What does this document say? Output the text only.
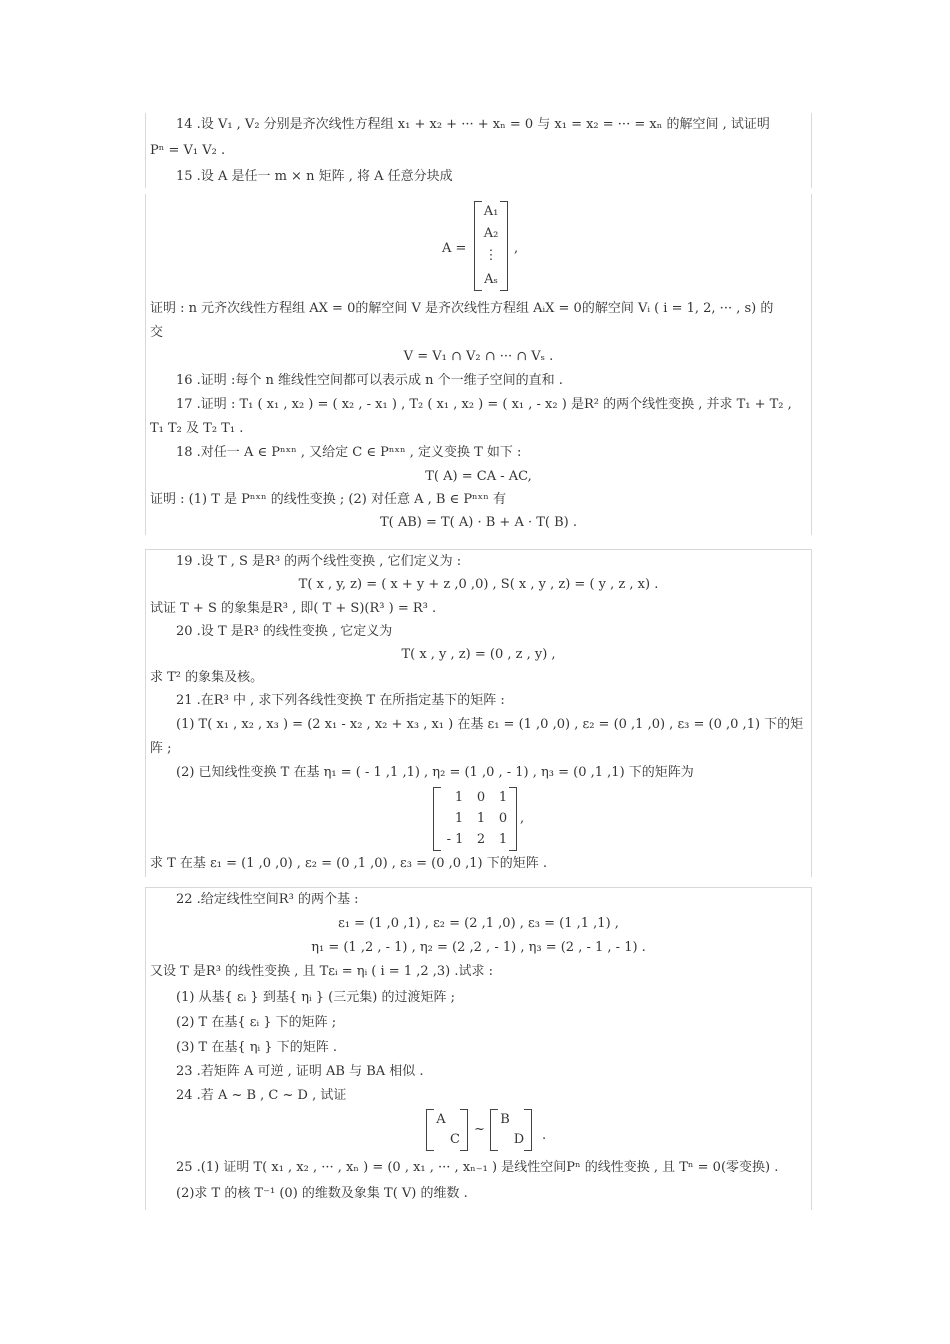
14 .设 V₁ , V₂ 分别是齐次线性方程组 x₁ + x₂ + ··· + xₙ = 0 与 x₁ = x₂ = ··· = xₙ 的解空间 , 试证明
Pⁿ = V₁ V₂ .
15 .设 A 是任一 m × n 矩阵 , 将 A 任意分块成
A =
A₁
A₂
⋮
Aₛ
,
证明 : n 元齐次线性方程组 AX = 0的解空间 V 是齐次线性方程组 AᵢX = 0的解空间 Vᵢ ( i = 1, 2, ··· , s) 的
交
V = V₁ ∩ V₂ ∩ ··· ∩ Vₛ .
16 .证明 :每个 n 维线性空间都可以表示成 n 个一维子空间的直和 .
17 .证明 : T₁ ( x₁ , x₂ ) = ( x₂ , - x₁ ) , T₂ ( x₁ , x₂ ) = ( x₁ , - x₂ ) 是R² 的两个线性变换 , 并求 T₁ + T₂ ,
T₁ T₂ 及 T₂ T₁ .
18 .对任一 A ∈ Pⁿˣⁿ , 又给定 C ∈ Pⁿˣⁿ , 定义变换 T 如下 :
T( A) = CA - AC,
证明 : (1) T 是 Pⁿˣⁿ 的线性变换 ; (2) 对任意 A , B ∈ Pⁿˣⁿ 有
T( AB) = T( A) · B + A · T( B) .
19 .设 T , S 是R³ 的两个线性变换 , 它们定义为 :
T( x , y, z) = ( x + y + z ,0 ,0) , S( x , y , z) = ( y , z , x) .
试证 T + S 的象集是R³ , 即( T + S)(R³ ) = R³ .
20 .设 T 是R³ 的线性变换 , 它定义为
T( x , y , z) = (0 , z , y) ,
求 T² 的象集及核。
21 .在R³ 中 , 求下列各线性变换 T 在所指定基下的矩阵 :
(1) T( x₁ , x₂ , x₃ ) = (2 x₁ - x₂ , x₂ + x₃ , x₁ ) 在基 ε₁ = (1 ,0 ,0) , ε₂ = (0 ,1 ,0) , ε₃ = (0 ,0 ,1) 下的矩
阵 ;
(2) 已知线性变换 T 在基 η₁ = ( - 1 ,1 ,1) , η₂ = (1 ,0 , - 1) , η₃ = (0 ,1 ,1) 下的矩阵为
1	0	1
1	1	0
- 1	2	1
,
求 T 在基 ε₁ = (1 ,0 ,0) , ε₂ = (0 ,1 ,0) , ε₃ = (0 ,0 ,1) 下的矩阵 .
22 .给定线性空间R³ 的两个基 :
ε₁ = (1 ,0 ,1) , ε₂ = (2 ,1 ,0) , ε₃ = (1 ,1 ,1) ,
η₁ = (1 ,2 , - 1) , η₂ = (2 ,2 , - 1) , η₃ = (2 , - 1 , - 1) .
又设 T 是R³ 的线性变换 , 且 Tεᵢ = ηᵢ ( i = 1 ,2 ,3) .试求 :
(1) 从基{ εᵢ } 到基{ ηᵢ } (三元集) 的过渡矩阵 ;
(2) T 在基{ εᵢ } 下的矩阵 ;
(3) T 在基{ ηᵢ } 下的矩阵 .
23 .若矩阵 A 可逆 , 证明 AB 与 BA 相似 .
24 .若 A ~ B , C ~ D , 试证
A
C
~
B
D	.
25 .(1) 证明 T( x₁ , x₂ , ··· , xₙ ) = (0 , x₁ , ··· , xₙ₋₁ ) 是线性空间Pⁿ 的线性变换 , 且 Tⁿ = 0(零变换) .
(2)求 T 的核 T⁻¹ (0) 的维数及象集 T( V) 的维数 .
